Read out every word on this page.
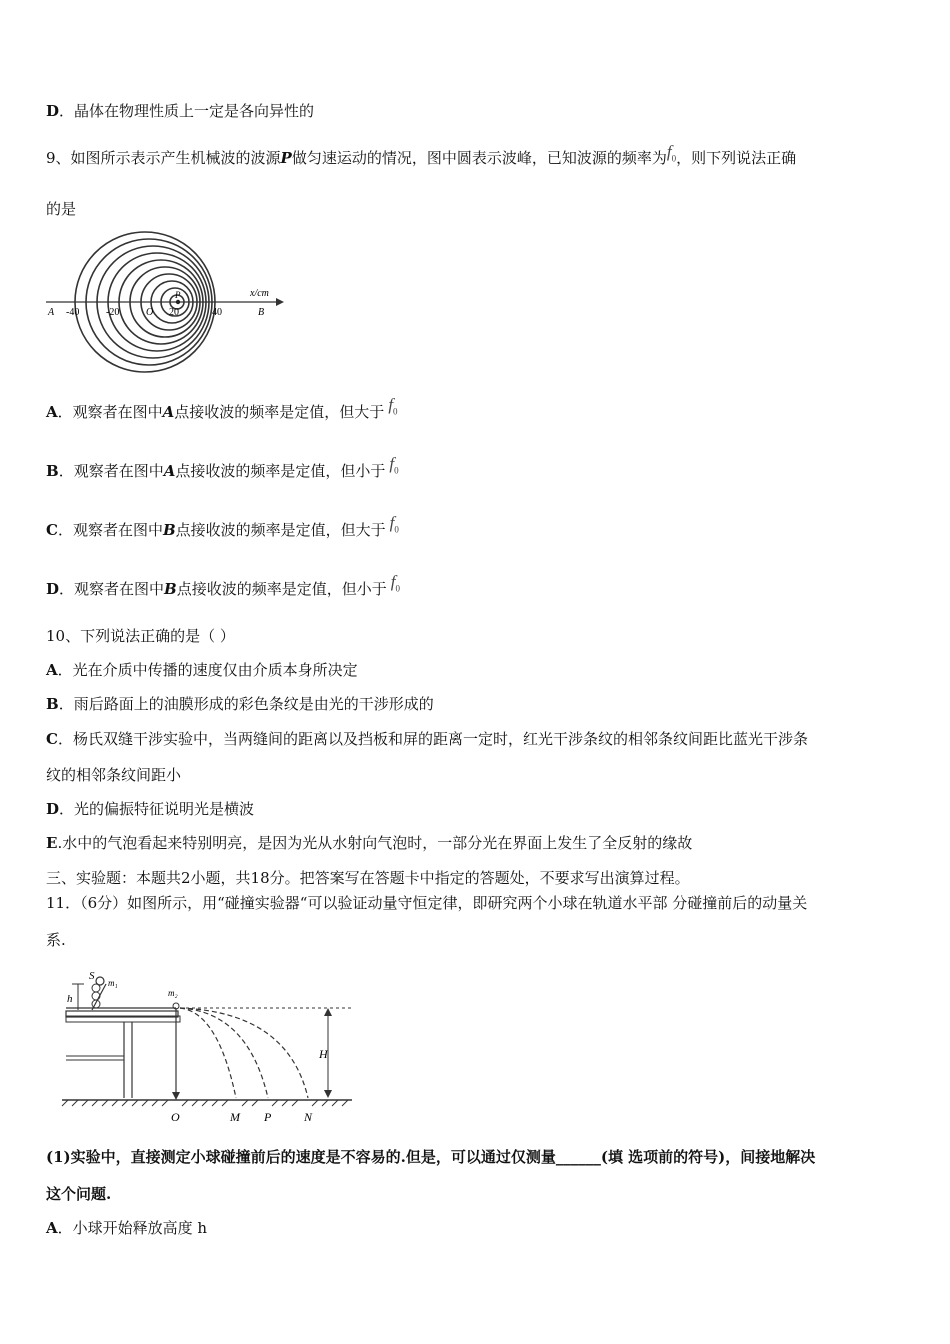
D．晶体在物理性质上一定是各向异性的
9、如图所示表示产生机械波的波源P做匀速运动的情况，图中圆表示波峰，已知波源的频率为$f_0$，则下列说法正确
的是
x/cm
A -40	-20	O 20
P
40	B
A．观察者在图中A点接收波的频率是定值，但大于 $f_0$
B．观察者在图中A点接收波的频率是定值，但小于 $f_0$
C．观察者在图中B点接收波的频率是定值，但大于 $f_0$
D．观察者在图中B点接收波的频率是定值，但小于 $f_0$
10、下列说法正确的是（ ）
A．光在介质中传播的速度仅由介质本身所决定
B．雨后路面上的油膜形成的彩色条纹是由光的干涉形成的
C．杨氏双缝干涉实验中，当两缝间的距离以及挡板和屏的距离一定时，红光干涉条纹的相邻条纹间距比蓝光干涉条
纹的相邻条纹间距小
D．光的偏振特征说明光是横波
E.水中的气泡看起来特别明亮，是因为光从水射向气泡时，一部分光在界面上发生了全反射的缘故
三、实验题：本题共2小题，共18分。把答案写在答题卡中指定的答题处，不要求写出演算过程。
11．（6分）如图所示，用“碰撞实验器“可以验证动量守恒定律，即研究两个小球在轨道水平部 分碰撞前后的动量关
系.
h
S
m₁
m₂
H
O	M P	N
(1)实验中，直接测定小球碰撞前后的速度是不容易的.但是，可以通过仅测量______(填 选项前的符号)，间接地解决
这个问题.
A．小球开始释放高度 h
